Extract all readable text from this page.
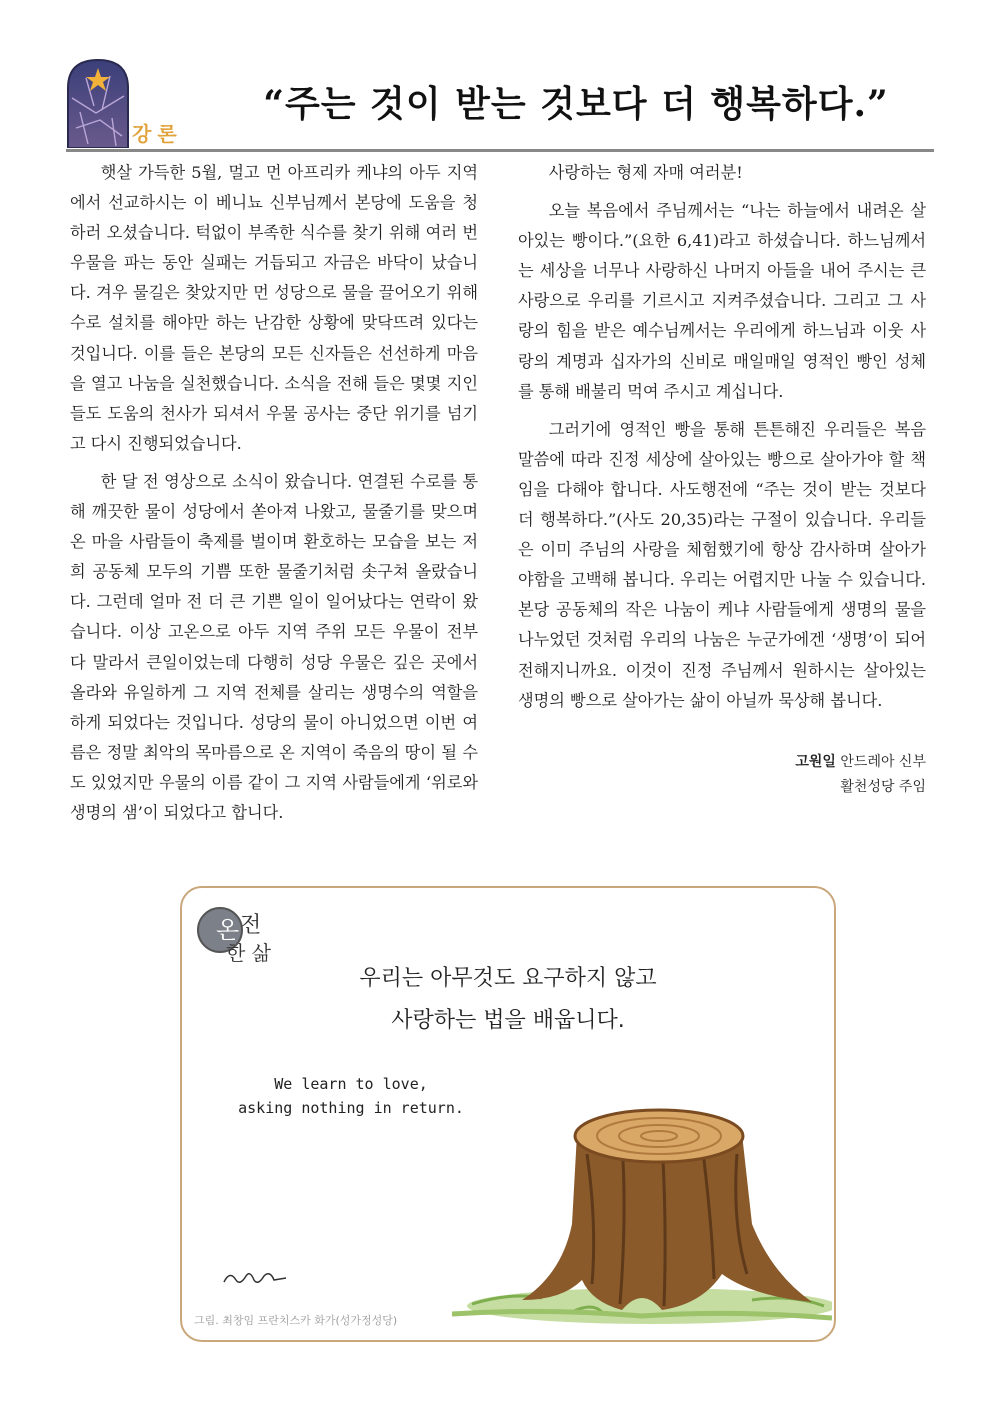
강론
“주는 것이 받는 것보다 더 행복하다.”

햇살 가득한 5월, 멀고 먼 아프리카 케냐의 아두 지역에서 선교하시는 이 베니뇨 신부님께서 본당에 도움을 청하러 오셨습니다. 턱없이 부족한 식수를 찾기 위해 여러 번 우물을 파는 동안 실패는 거듭되고 자금은 바닥이 났습니다. 겨우 물길은 찾았지만 먼 성당으로 물을 끌어오기 위해 수로 설치를 해야만 하는 난감한 상황에 맞닥뜨려 있다는 것입니다. 이를 들은 본당의 모든 신자들은 선선하게 마음을 열고 나눔을 실천했습니다. 소식을 전해 들은 몇몇 지인들도 도움의 천사가 되셔서 우물 공사는 중단 위기를 넘기고 다시 진행되었습니다.

한 달 전 영상으로 소식이 왔습니다. 연결된 수로를 통해 깨끗한 물이 성당에서 쏟아져 나왔고, 물줄기를 맞으며 온 마을 사람들이 축제를 벌이며 환호하는 모습을 보는 저희 공동체 모두의 기쁨 또한 물줄기처럼 솟구쳐 올랐습니다. 그런데 얼마 전 더 큰 기쁜 일이 일어났다는 연락이 왔습니다. 이상 고온으로 아두 지역 주위 모든 우물이 전부 다 말라서 큰일이었는데 다행히 성당 우물은 깊은 곳에서 올라와 유일하게 그 지역 전체를 살리는 생명수의 역할을 하게 되었다는 것입니다. 성당의 물이 아니었으면 이번 여름은 정말 최악의 목마름으로 온 지역이 죽음의 땅이 될 수도 있었지만 우물의 이름 같이 그 지역 사람들에게 ‘위로와 생명의 샘’이 되었다고 합니다.

사랑하는 형제 자매 여러분!

오늘 복음에서 주님께서는 “나는 하늘에서 내려온 살아있는 빵이다.”(요한 6,41)라고 하셨습니다. 하느님께서는 세상을 너무나 사랑하신 나머지 아들을 내어 주시는 큰 사랑으로 우리를 기르시고 지켜주셨습니다. 그리고 그 사랑의 힘을 받은 예수님께서는 우리에게 하느님과 이웃 사랑의 계명과 십자가의 신비로 매일매일 영적인 빵인 성체를 통해 배불리 먹여 주시고 계십니다.

그러기에 영적인 빵을 통해 튼튼해진 우리들은 복음 말씀에 따라 진정 세상에 살아있는 빵으로 살아가야 할 책임을 다해야 합니다. 사도행전에 “주는 것이 받는 것보다 더 행복하다.”(사도 20,35)라는 구절이 있습니다. 우리들은 이미 주님의 사랑을 체험했기에 항상 감사하며 살아가야함을 고백해 봅니다. 우리는 어렵지만 나눌 수 있습니다. 본당 공동체의 작은 나눔이 케냐 사람들에게 생명의 물을 나누었던 것처럼 우리의 나눔은 누군가에겐 ‘생명’이 되어 전해지니까요. 이것이 진정 주님께서 원하시는 살아있는 생명의 빵으로 살아가는 삶이 아닐까 묵상해 봅니다.

고원일 안드레아 신부
활천성당 주임
온 전
한 삶
우리는 아무것도 요구하지 않고
사랑하는 법을 배웁니다.
We learn to love,
asking nothing in return.
그림. 최창임 프란치스카 화가(성가정성당)
